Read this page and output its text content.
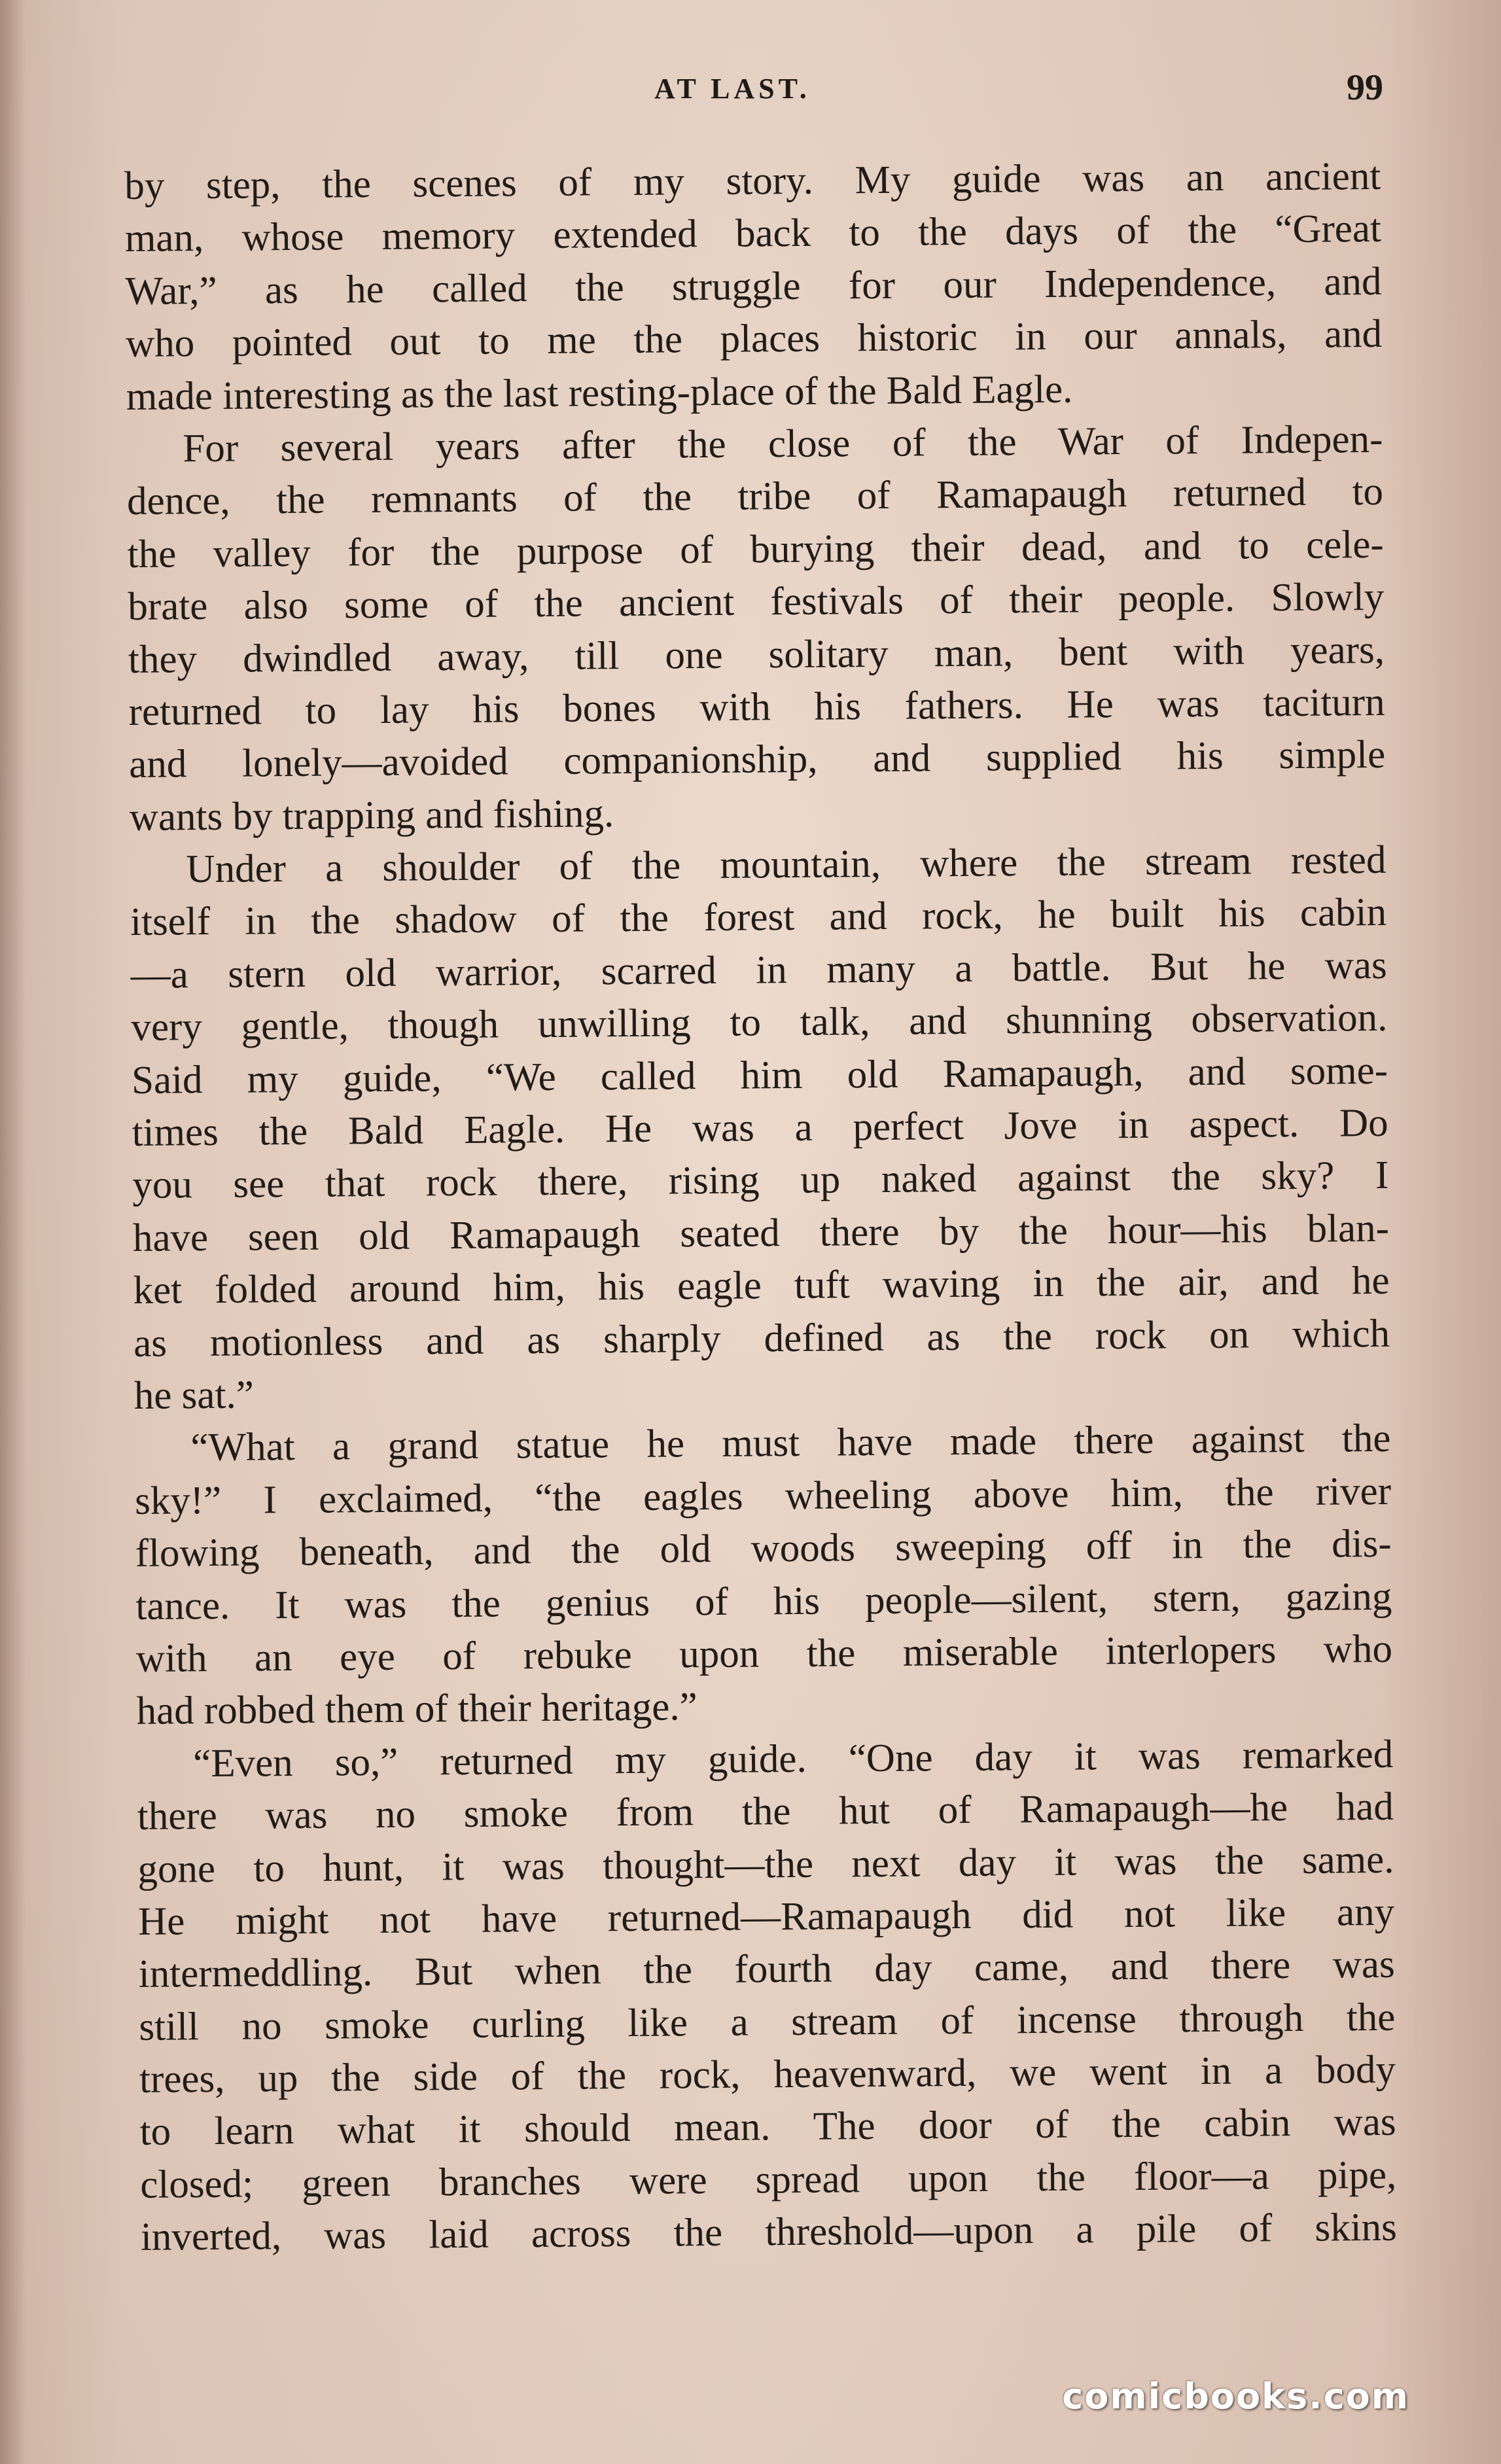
AT LAST.	99
by step, the scenes of my story. My guide was an ancient
man, whose memory extended back to the days of the “Great
War,” as he called the struggle for our Independence, and
who pointed out to me the places historic in our annals, and
made interesting as the last resting-place of the Bald Eagle.
For several years after the close of the War of Indepen-
dence, the remnants of the tribe of Ramapaugh returned to
the valley for the purpose of burying their dead, and to cele-
brate also some of the ancient festivals of their people. Slowly
they dwindled away, till one solitary man, bent with years,
returned to lay his bones with his fathers. He was taciturn
and lonely—avoided companionship, and supplied his simple
wants by trapping and fishing.
Under a shoulder of the mountain, where the stream rested
itself in the shadow of the forest and rock, he built his cabin
—a stern old warrior, scarred in many a battle. But he was
very gentle, though unwilling to talk, and shunning observation.
Said my guide, “We called him old Ramapaugh, and some-
times the Bald Eagle. He was a perfect Jove in aspect. Do
you see that rock there, rising up naked against the sky? I
have seen old Ramapaugh seated there by the hour—his blan-
ket folded around him, his eagle tuft waving in the air, and he
as motionless and as sharply defined as the rock on which
he sat.”
“What a grand statue he must have made there against the
sky!” I exclaimed, “the eagles wheeling above him, the river
flowing beneath, and the old woods sweeping off in the dis-
tance. It was the genius of his people—silent, stern, gazing
with an eye of rebuke upon the miserable interlopers who
had robbed them of their heritage.”
“Even so,” returned my guide. “One day it was remarked
there was no smoke from the hut of Ramapaugh—he had
gone to hunt, it was thought—the next day it was the same.
He might not have returned—Ramapaugh did not like any
intermeddling. But when the fourth day came, and there was
still no smoke curling like a stream of incense through the
trees, up the side of the rock, heavenward, we went in a body
to learn what it should mean. The door of the cabin was
closed; green branches were spread upon the floor—a pipe,
inverted, was laid across the threshold—upon a pile of skins
comicbooks.com
